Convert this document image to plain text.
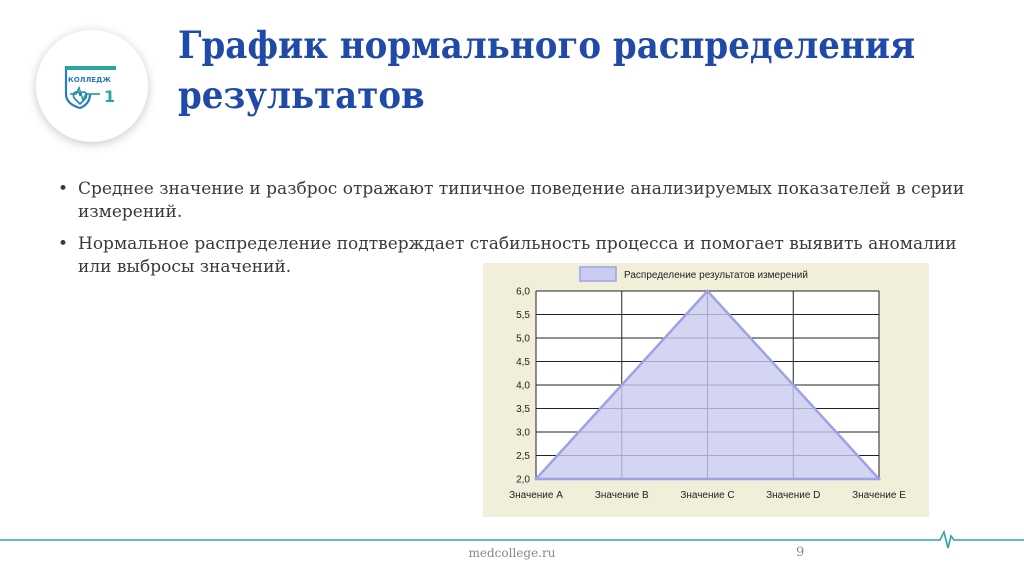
КОЛЛЕДЖ
1
График нормального распределения результатов
• Среднее значение и разброс отражают типичное поведение анализируемых показателей в серии измерений.
• Нормальное распределение подтверждает стабильность процесса и помогает выявить аномалии или выбросы значений.
2,0
2,5
3,0
3,5
4,0
4,5
5,0
5,5
6,0
Значение A	Значение B	Значение C	Значение D	Значение E
Распределение результатов измерений
medcollege.ru	9
